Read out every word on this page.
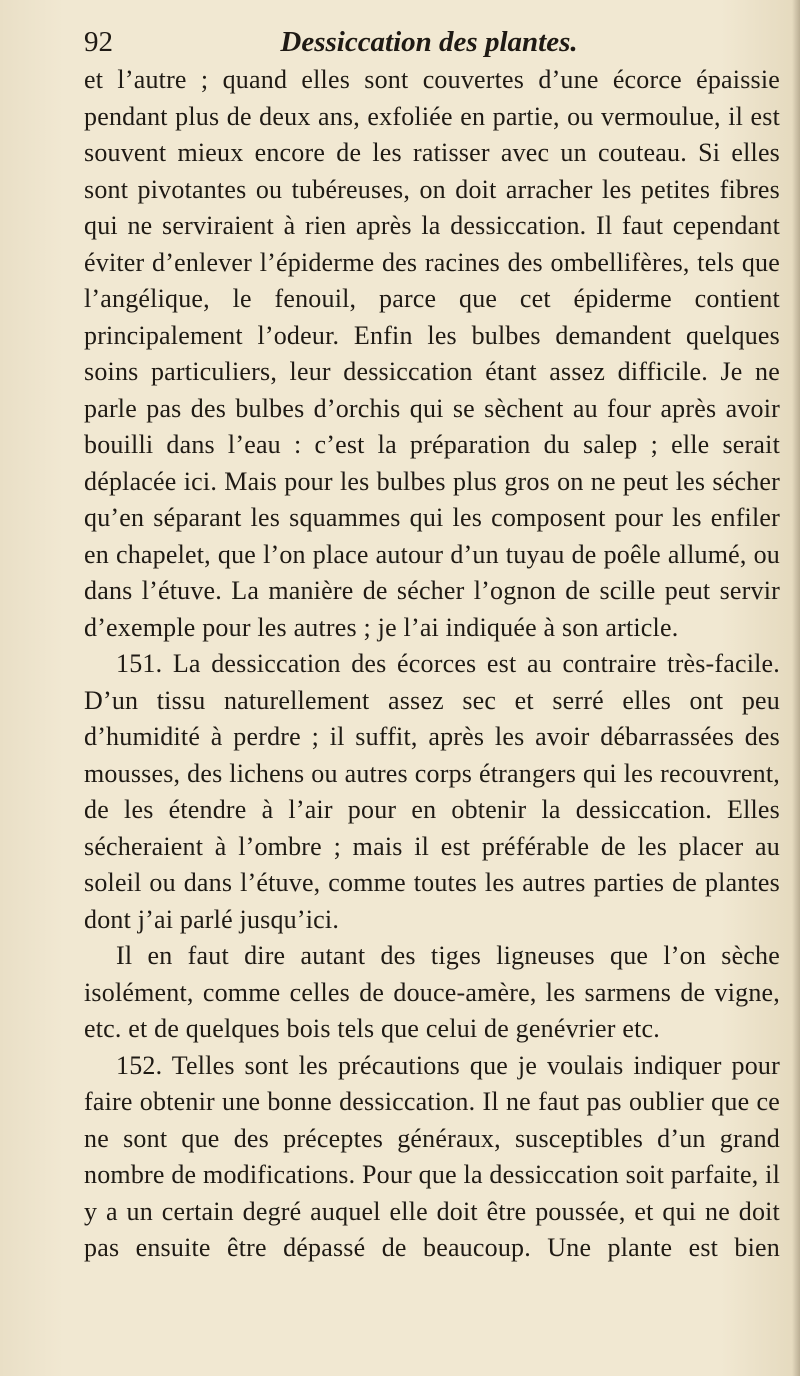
92	Dessiccation des plantes.

et l’autre ; quand elles sont couvertes d’une écorce épaissie pendant plus de deux ans, exfoliée en partie, ou vermoulue, il est souvent mieux encore de les ratisser avec un couteau. Si elles sont pivotantes ou tubéreuses, on doit arracher les petites fibres qui ne serviraient à rien après la dessiccation. Il faut cependant éviter d’enlever l’épiderme des racines des ombellifères, tels que l’angélique, le fenouil, parce que cet épiderme contient principalement l’odeur. Enfin les bulbes demandent quelques soins particuliers, leur dessiccation étant assez difficile. Je ne parle pas des bulbes d’orchis qui se sèchent au four après avoir bouilli dans l’eau : c’est la préparation du salep ; elle serait déplacée ici. Mais pour les bulbes plus gros on ne peut les sécher qu’en séparant les squammes qui les composent pour les enfiler en chapelet, que l’on place autour d’un tuyau de poêle allumé, ou dans l’étuve. La manière de sécher l’ognon de scille peut servir d’exemple pour les autres ; je l’ai indiquée à son article.

151. La dessiccation des écorces est au contraire très-facile. D’un tissu naturellement assez sec et serré elles ont peu d’humidité à perdre ; il suffit, après les avoir débarrassées des mousses, des lichens ou autres corps étrangers qui les recouvrent, de les étendre à l’air pour en obtenir la dessiccation. Elles sécheraient à l’ombre ; mais il est préférable de les placer au soleil ou dans l’étuve, comme toutes les autres parties de plantes dont j’ai parlé jusqu’ici.

Il en faut dire autant des tiges ligneuses que l’on sèche isolément, comme celles de douce-amère, les sarmens de vigne, etc. et de quelques bois tels que celui de genévrier etc.

152. Telles sont les précautions que je voulais indiquer pour faire obtenir une bonne dessiccation. Il ne faut pas oublier que ce ne sont que des préceptes généraux, susceptibles d’un grand nombre de modifications. Pour que la dessiccation soit parfaite, il y a un certain degré auquel elle doit être poussée, et qui ne doit pas ensuite être dépassé de beaucoup. Une plante est bien
